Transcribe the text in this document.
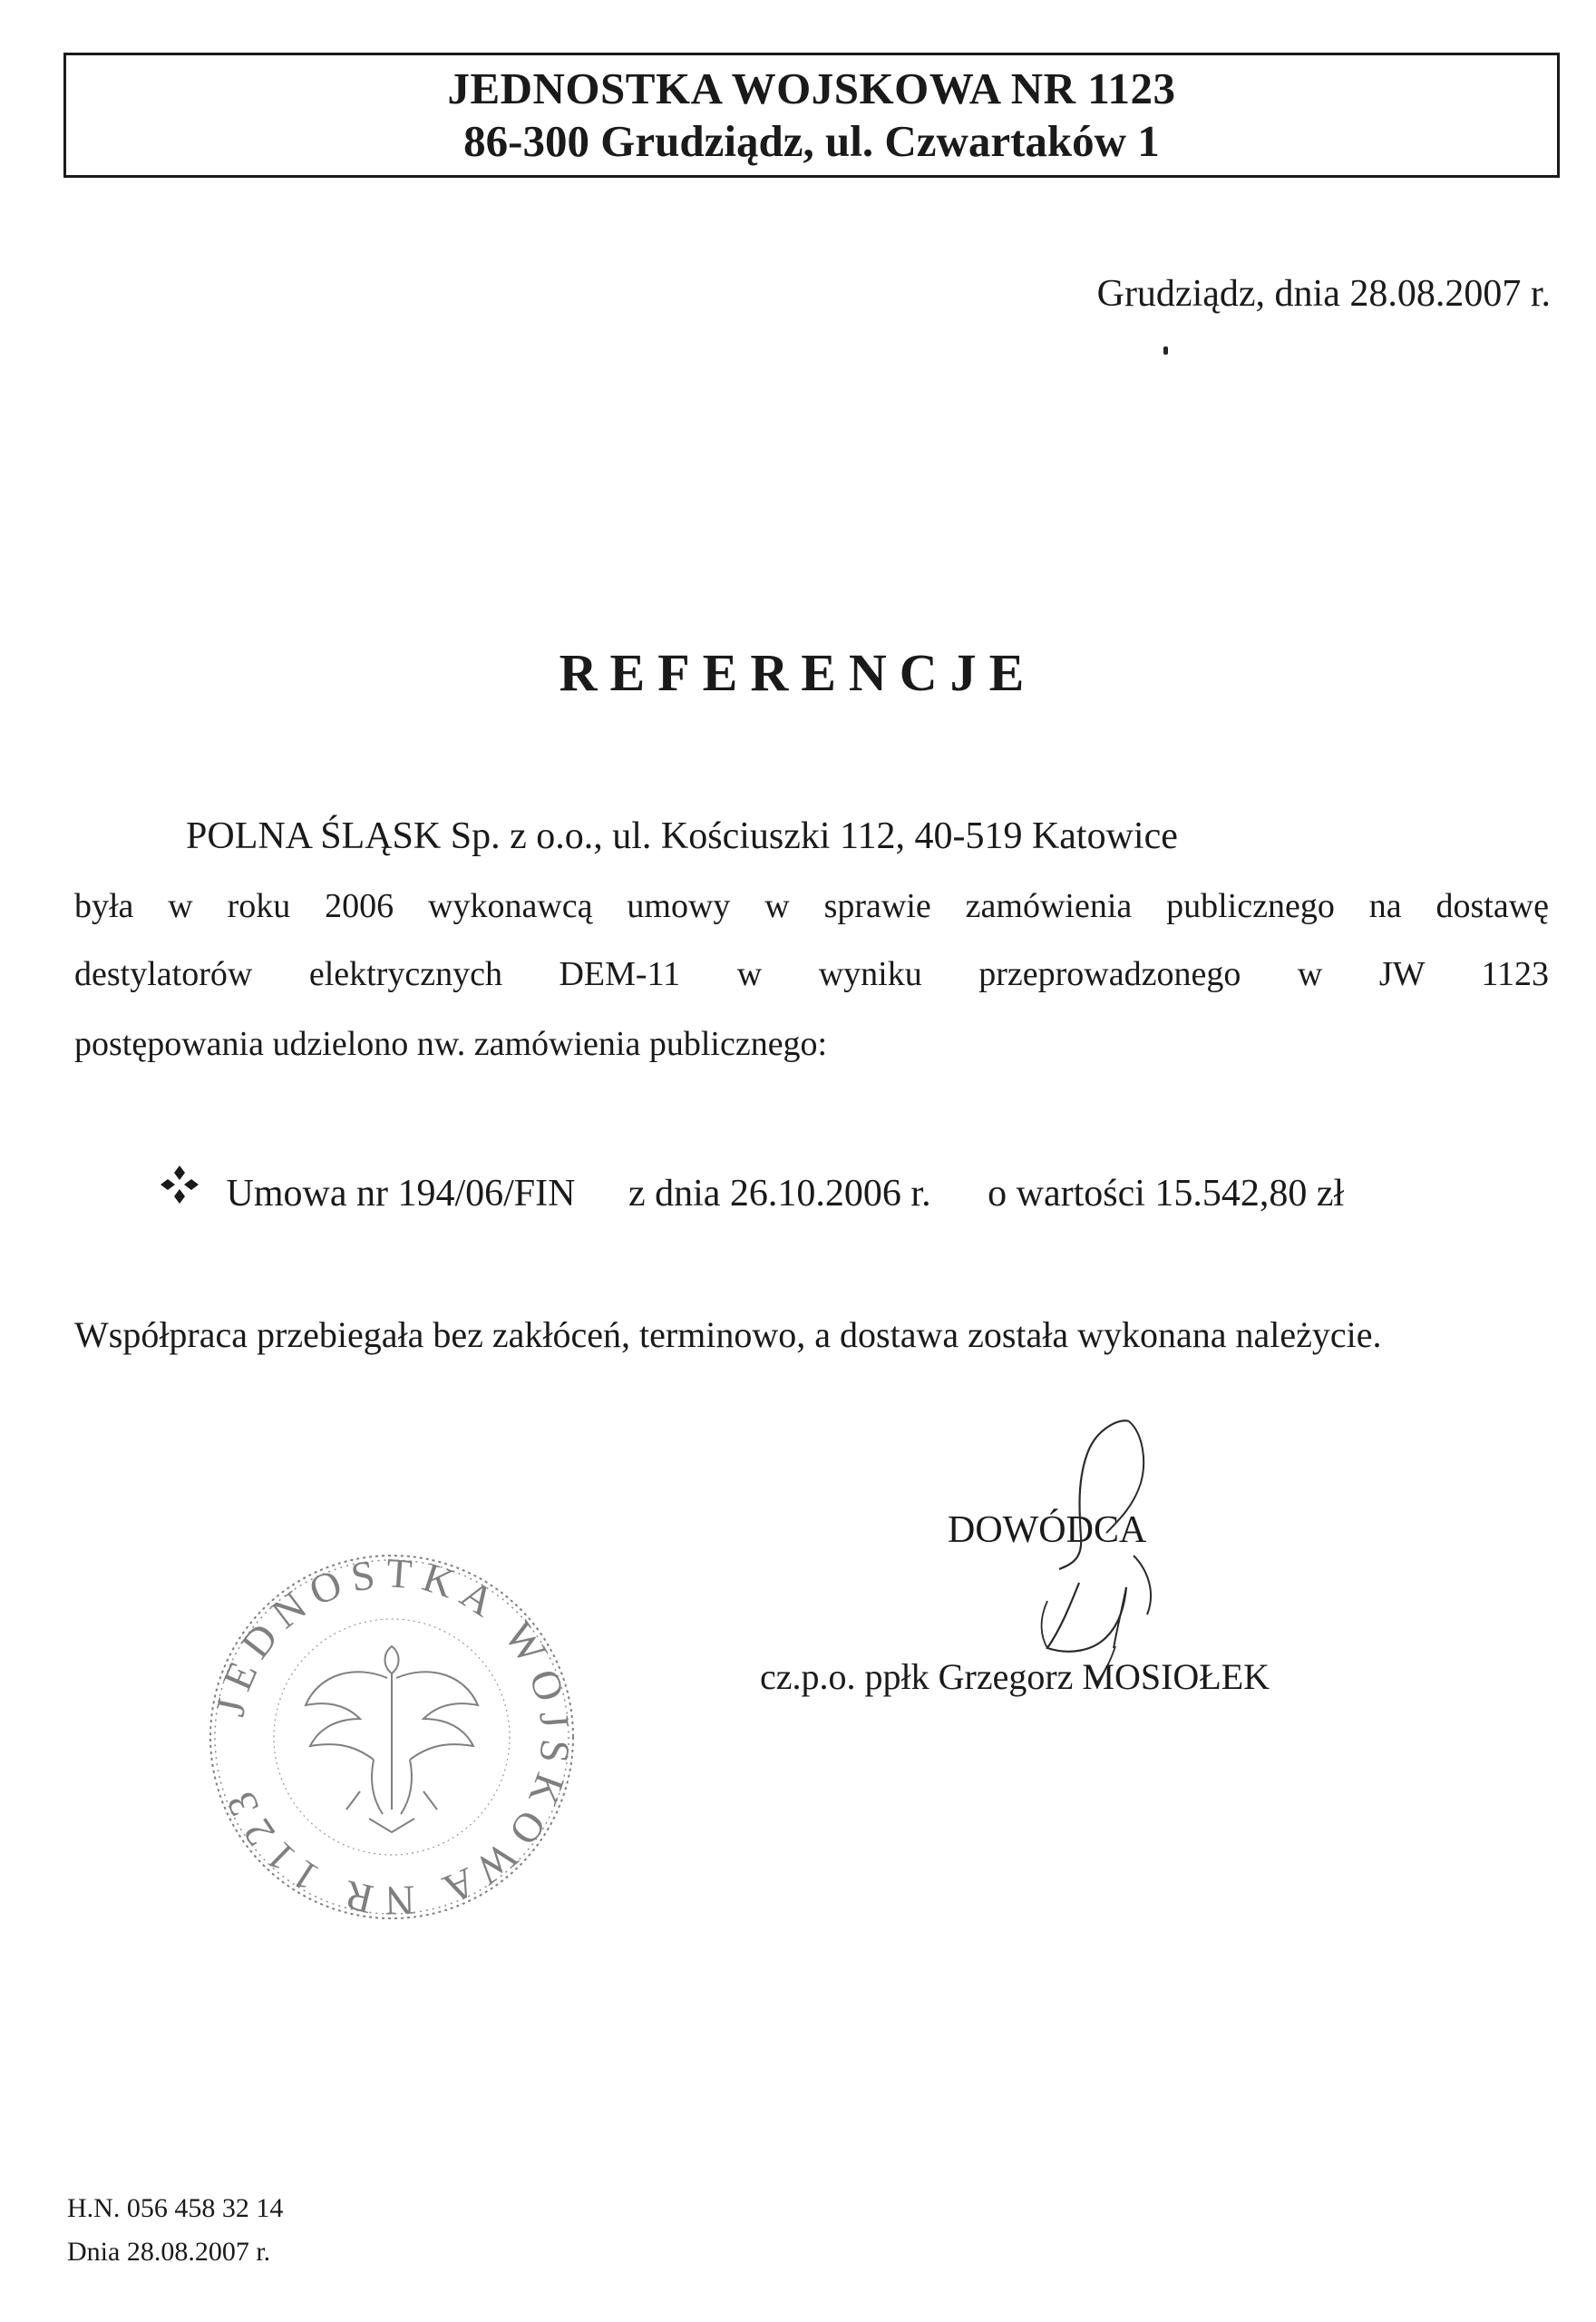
JEDNOSTKA WOJSKOWA NR 1123
86-300 Grudziądz, ul. Czwartaków 1
Grudziądz, dnia 28.08.2007 r.
REFERENCJE
POLNA ŚLĄSK Sp. z o.o., ul. Kościuszki 112, 40-519 Katowice
była w roku 2006 wykonawcą umowy w sprawie zamówienia publicznego na dostawę
destylatorów elektrycznych DEM-11 w wyniku przeprowadzonego w JW 1123
postępowania udzielono nw. zamówienia publicznego:
Umowa nr 194/06/FIN z dnia 26.10.2006 r. o wartości 15.542,80 zł
Współpraca przebiegała bez zakłóceń, terminowo, a dostawa została wykonana należycie.
DOWÓDCA
cz.p.o. ppłk Grzegorz MOSIOŁEK
JEDNOSTKA WOJSKOWA NR 1123
H.N. 056 458 32 14
Dnia 28.08.2007 r.
